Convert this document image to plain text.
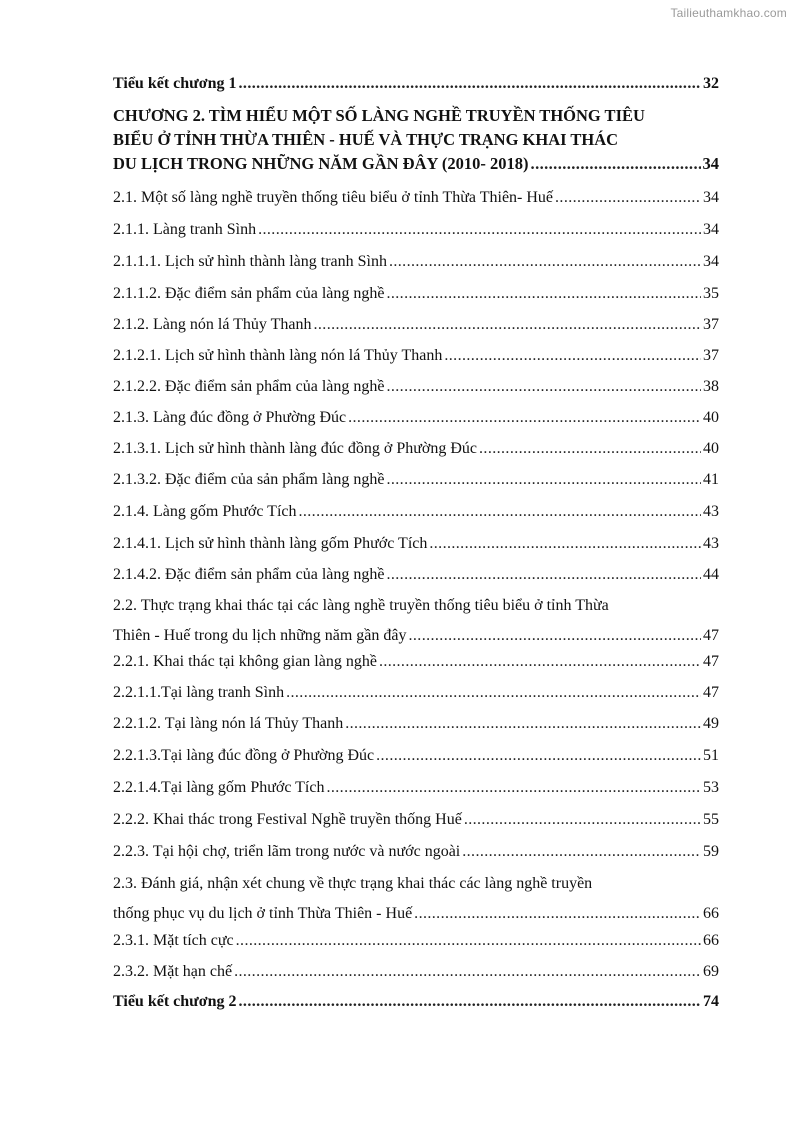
Tailieuthamkhao.com
Tiểu kết chương 1 .....	32
CHƯƠNG 2. TÌM HIỂU MỘT SỐ LÀNG NGHỀ TRUYỀN THỐNG TIÊU
BIỂU Ở TỈNH THỪA THIÊN - HUẾ VÀ THỰC TRẠNG KHAI THÁC
DU LỊCH TRONG NHỮNG NĂM GẦN ĐÂY (2010- 2018) .....	34
2.1. Một số làng nghề truyền thống tiêu biểu ở tỉnh Thừa Thiên- Huế .....	34
2.1.1. Làng tranh Sình .....	34
2.1.1.1. Lịch sử hình thành làng tranh Sình .....	34
2.1.1.2. Đặc điểm sản phẩm của làng nghề .....	35
2.1.2. Làng nón lá Thủy Thanh .....	37
2.1.2.1. Lịch sử hình thành làng nón lá Thủy Thanh .....	37
2.1.2.2. Đặc điểm sản phẩm của làng nghề .....	38
2.1.3. Làng đúc đồng ở Phường Đúc .....	40
2.1.3.1. Lịch sử hình thành làng đúc đồng ở Phường Đúc .....	40
2.1.3.2. Đặc điểm của sản phẩm làng nghề .....	41
2.1.4. Làng gốm Phước Tích .....	43
2.1.4.1. Lịch sử hình thành làng gốm Phước Tích .....	43
2.1.4.2. Đặc điểm sản phẩm của làng nghề .....	44
2.2. Thực trạng khai thác tại các làng nghề truyền thống tiêu biểu ở tỉnh Thừa
Thiên - Huế trong du lịch những năm gần đây .....	47
2.2.1. Khai thác tại không gian làng nghề .....	47
2.2.1.1.Tại làng tranh Sình .....	47
2.2.1.2. Tại làng nón lá Thủy Thanh .....	49
2.2.1.3.Tại làng đúc đồng ở Phường Đúc .....	51
2.2.1.4.Tại làng gốm Phước Tích .....	53
2.2.2. Khai thác trong Festival Nghề truyền thống Huế .....	55
2.2.3. Tại hội chợ, triển lãm trong nước và nước ngoài .....	59
2.3. Đánh giá, nhận xét chung về thực trạng khai thác các làng nghề truyền
thống phục vụ du lịch ở tỉnh Thừa Thiên - Huế .....	66
2.3.1. Mặt tích cực .....	66
2.3.2. Mặt hạn chế .....	69
Tiểu kết chương 2 .....	74
